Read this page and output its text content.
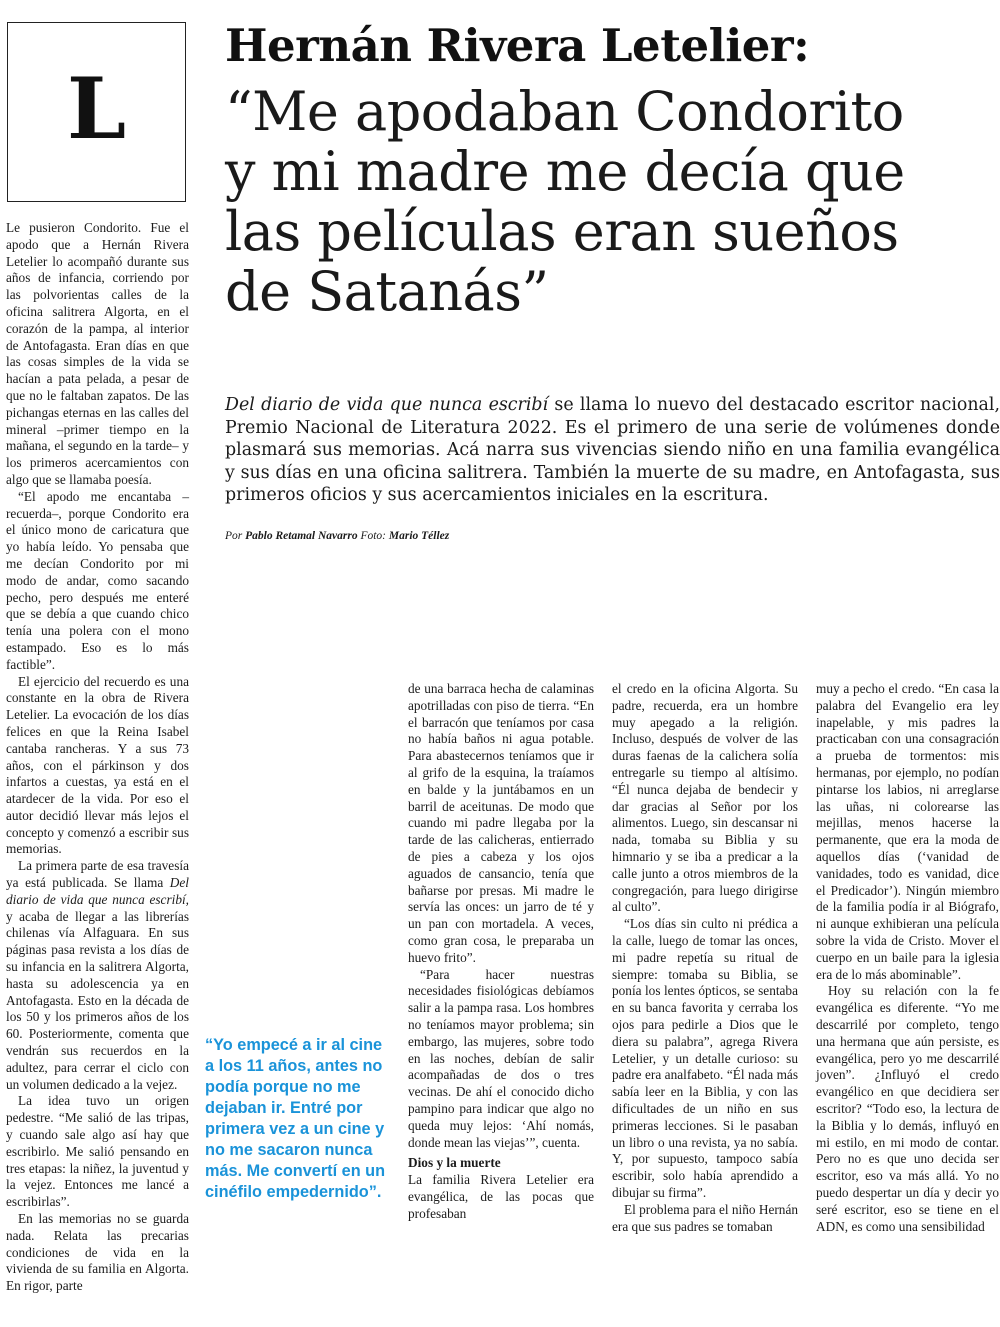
L
Hernán Rivera Letelier:
“Me apodaban Condorito
y mi madre me decía que
las películas eran sueños
de Satanás”
Del diario de vida que nunca escribí se llama lo nuevo del destacado escritor nacional, Premio Nacional de Literatura 2022. Es el primero de una serie de volúmenes donde plasmará sus memorias. Acá narra sus vivencias siendo niño en una familia evangélica y sus días en una oficina salitrera. También la muerte de su madre, en Antofagasta, sus primeros oficios y sus acercamientos iniciales en la escritura.
Por Pablo Retamal Navarro Foto: Mario Téllez

Le pusieron Condorito. Fue el apodo que a Hernán Rivera Letelier lo acompañó durante sus años de infancia, corriendo por las polvorientas calles de la oficina salitrera Algorta, en el corazón de la pampa, al interior de Antofagasta. Eran días en que las cosas simples de la vida se hacían a pata pelada, a pesar de que no le faltaban zapatos. De las pichangas eternas en las calles del mineral –primer tiempo en la mañana, el segundo en la tarde– y los primeros acercamientos con algo que se llamaba poesía.

“El apodo me encantaba –recuerda–, porque Condorito era el único mono de caricatura que yo había leído. Yo pensaba que me decían Condorito por mi modo de andar, como sacando pecho, pero después me enteré que se debía a que cuando chico tenía una polera con el mono estampado. Eso es lo más factible”.

El ejercicio del recuerdo es una constante en la obra de Rivera Letelier. La evocación de los días felices en que la Reina Isabel cantaba rancheras. Y a sus 73 años, con el párkinson y dos infartos a cuestas, ya está en el atardecer de la vida. Por eso el autor decidió llevar más lejos el concepto y comenzó a escribir sus memorias.

La primera parte de esa travesía ya está publicada. Se llama Del diario de vida que nunca escribí, y acaba de llegar a las librerías chilenas vía Alfaguara. En sus páginas pasa revista a los días de su infancia en la salitrera Algorta, hasta su adolescencia ya en Antofagasta. Esto en la década de los 50 y los primeros años de los 60. Posteriormente, comenta que vendrán sus recuerdos en la adultez, para cerrar el ciclo con un volumen dedicado a la vejez.

La idea tuvo un origen pedestre. “Me salió de las tripas, y cuando sale algo así hay que escribirlo. Me salió pensando en tres etapas: la niñez, la juventud y la vejez. Entonces me lancé a escribirlas”.

En las memorias no se guarda nada. Relata las precarias condiciones de vida en la vivienda de su familia en Algorta. En rigor, parte

“Yo empecé a ir al cine a los 11 años, antes no podía porque no me dejaban ir. Entré por primera vez a un cine y no me sacaron nunca más. Me convertí en un cinéfilo empedernido”.

de una barraca hecha de calaminas apotrilladas con piso de tierra. “En el barracón que teníamos por casa no había baños ni agua potable. Para abastecernos teníamos que ir al grifo de la esquina, la traíamos en balde y la juntábamos en un barril de aceitunas. De modo que cuando mi padre llegaba por la tarde de las calicheras, entierrado de pies a cabeza y los ojos aguados de cansancio, tenía que bañarse por presas. Mi madre le servía las onces: un jarro de té y un pan con mortadela. A veces, como gran cosa, le preparaba un huevo frito”.

“Para hacer nuestras necesidades fisiológicas debíamos salir a la pampa rasa. Los hombres no teníamos mayor problema; sin embargo, las mujeres, sobre todo en las noches, debían de salir acompañadas de dos o tres vecinas. De ahí el conocido dicho pampino para indicar que algo no queda muy lejos: ‘Ahí nomás, donde mean las viejas’”, cuenta.

Dios y la muerte

La familia Rivera Letelier era evangélica, de las pocas que profesaban

el credo en la oficina Algorta. Su padre, recuerda, era un hombre muy apegado a la religión. Incluso, después de volver de las duras faenas de la calichera solía entregarle su tiempo al altísimo. “Él nunca dejaba de bendecir y dar gracias al Señor por los alimentos. Luego, sin descansar ni nada, tomaba su Biblia y su himnario y se iba a predicar a la calle junto a otros miembros de la congregación, para luego dirigirse al culto”.

“Los días sin culto ni prédica a la calle, luego de tomar las onces, mi padre repetía su ritual de siempre: tomaba su Biblia, se ponía los lentes ópticos, se sentaba en su banca favorita y cerraba los ojos para pedirle a Dios que le diera su palabra”, agrega Rivera Letelier, y un detalle curioso: su padre era analfabeto. “Él nada más sabía leer en la Biblia, y con las dificultades de un niño en sus primeras lecciones. Si le pasaban un libro o una revista, ya no sabía. Y, por supuesto, tampoco sabía escribir, solo había aprendido a dibujar su firma”.

El problema para el niño Hernán era que sus padres se tomaban

muy a pecho el credo. “En casa la palabra del Evangelio era ley inapelable, y mis padres la practicaban con una consagración a prueba de tormentos: mis hermanas, por ejemplo, no podían pintarse los labios, ni arreglarse las uñas, ni colorearse las mejillas, menos hacerse la permanente, que era la moda de aquellos días (‘vanidad de vanidades, todo es vanidad, dice el Predicador’). Ningún miembro de la familia podía ir al Biógrafo, ni aunque exhibieran una película sobre la vida de Cristo. Mover el cuerpo en un baile para la iglesia era de lo más abominable”.

Hoy su relación con la fe evangélica es diferente. “Yo me descarrilé por completo, tengo una hermana que aún persiste, es evangélica, pero yo me descarrilé joven”. ¿Influyó el credo evangélico en que decidiera ser escritor? “Todo eso, la lectura de la Biblia y lo demás, influyó en mi estilo, en mi modo de contar. Pero no es que uno decida ser escritor, eso va más allá. Yo no puedo despertar un día y decir yo seré escritor, eso se tiene en el ADN, es como una sensibilidad
